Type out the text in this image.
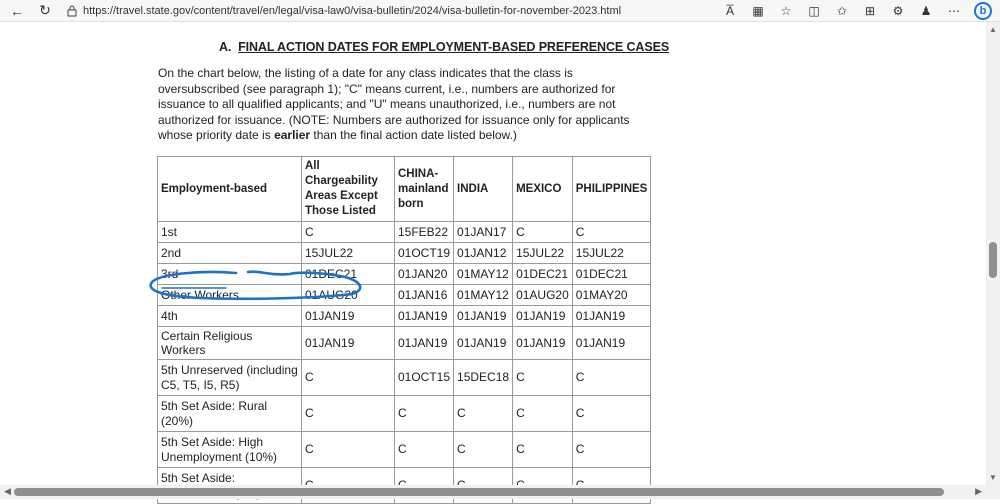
←	↻	https://travel.state.gov/content/travel/en/legal/visa-law0/visa-bulletin/2024/visa-bulletin-for-november-2023.html	A̅	▦ ☆ ◫ ✩ ⊞ ⚙ ♟ ⋯	b
A. FINAL ACTION DATES FOR EMPLOYMENT-BASED PREFERENCE CASES

On the chart below, the listing of a date for any class indicates that the class is oversubscribed (see paragraph 1); "C" means current, i.e., numbers are authorized for issuance to all qualified applicants; and "U" means unauthorized, i.e., numbers are not authorized for issuance. (NOTE: Numbers are authorized for issuance only for applicants whose priority date is earlier than the final action date listed below.)

Employment-based	All Chargeability Areas Except Those Listed	CHINA-mainland born	INDIA	MEXICO	PHILIPPINES
1st	C	15FEB22	01JAN17	C	C
2nd	15JUL22	01OCT19	01JAN12	15JUL22	15JUL22
3rd	01DEC21	01JAN20	01MAY12	01DEC21	01DEC21
Other Workers	01AUG20	01JAN16	01MAY12	01AUG20	01MAY20
4th	01JAN19	01JAN19	01JAN19	01JAN19	01JAN19
Certain Religious Workers	01JAN19	01JAN19	01JAN19	01JAN19	01JAN19
5th Unreserved (including C5, T5, I5, R5)	C	01OCT15	15DEC18	C	C
5th Set Aside: Rural (20%)	C	C	C	C	C
5th Set Aside: High Unemployment (10%)	C	C	C	C	C
5th Set Aside:					
▲
▼
◀	▶
